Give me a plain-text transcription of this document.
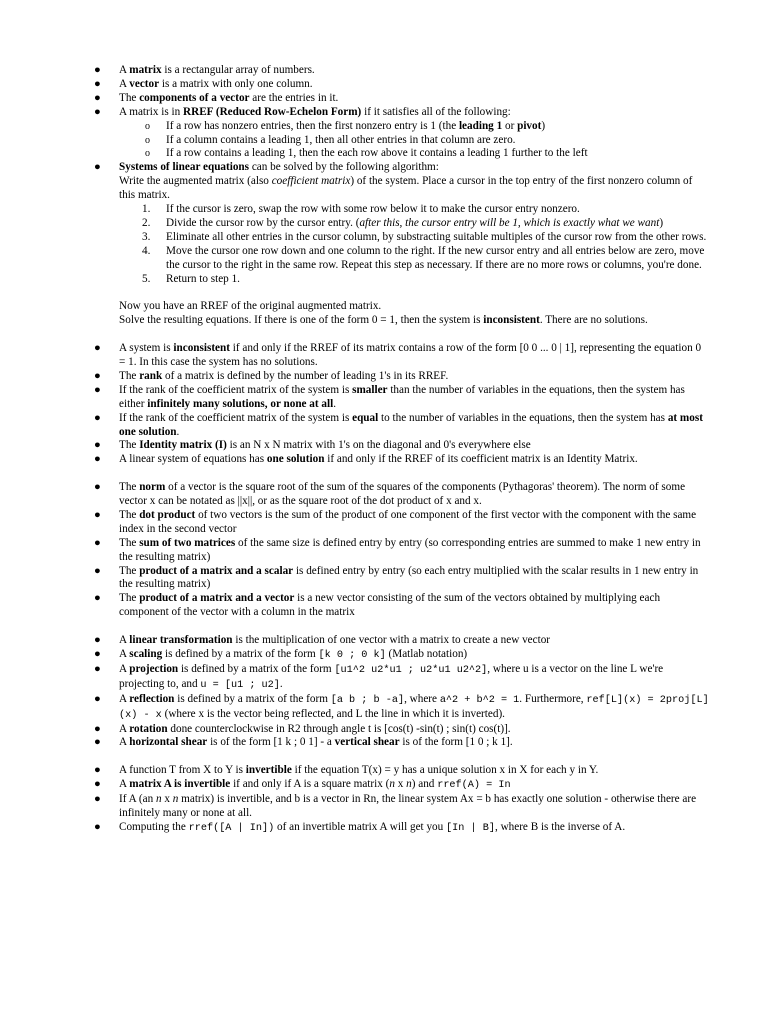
● A matrix is a rectangular array of numbers.
● A vector is a matrix with only one column.
● The components of a vector are the entries in it.
● A matrix is in RREF (Reduced Row-Echelon Form) if it satisfies all of the following:
o If a row has nonzero entries, then the first nonzero entry is 1 (the leading 1 or pivot)
o If a column contains a leading 1, then all other entries in that column are zero.
o If a row contains a leading 1, then the each row above it contains a leading 1 further to the left
● Systems of linear equations can be solved by the following algorithm:
Write the augmented matrix (also coefficient matrix) of the system. Place a cursor in the top entry of the first nonzero column of this matrix.
1. If the cursor is zero, swap the row with some row below it to make the cursor entry nonzero.
2. Divide the cursor row by the cursor entry. (after this, the cursor entry will be 1, which is exactly what we want)
3. Eliminate all other entries in the cursor column, by substracting suitable multiples of the cursor row from the other rows.
4. Move the cursor one row down and one column to the right. If the new cursor entry and all entries below are zero, move the cursor to the right in the same row. Repeat this step as necessary. If there are no more rows or columns, you're done.
5. Return to step 1.
Now you have an RREF of the original augmented matrix.
Solve the resulting equations. If there is one of the form 0 = 1, then the system is inconsistent. There are no solutions.
● A system is inconsistent if and only if the RREF of its matrix contains a row of the form [0 0 ... 0 | 1], representing the equation 0 = 1. In this case the system has no solutions.
● The rank of a matrix is defined by the number of leading 1's in its RREF.
● If the rank of the coefficient matrix of the system is smaller than the number of variables in the equations, then the system has either infinitely many solutions, or none at all.
● If the rank of the coefficient matrix of the system is equal to the number of variables in the equations, then the system has at most one solution.
● The Identity matrix (I) is an N x N matrix with 1's on the diagonal and 0's everywhere else
● A linear system of equations has one solution if and only if the RREF of its coefficient matrix is an Identity Matrix.
● The norm of a vector is the square root of the sum of the squares of the components (Pythagoras' theorem). The norm of some vector x can be notated as ||x||, or as the square root of the dot product of x and x.
● The dot product of two vectors is the sum of the product of one component of the first vector with the component with the same index in the second vector
● The sum of two matrices of the same size is defined entry by entry (so corresponding entries are summed to make 1 new entry in the resulting matrix)
● The product of a matrix and a scalar is defined entry by entry (so each entry multiplied with the scalar results in 1 new entry in the resulting matrix)
● The product of a matrix and a vector is a new vector consisting of the sum of the vectors obtained by multiplying each component of the vector with a column in the matrix
● A linear transformation is the multiplication of one vector with a matrix to create a new vector
● A scaling is defined by a matrix of the form [k 0 ; 0 k] (Matlab notation)
● A projection is defined by a matrix of the form [u1^2 u2*u1 ; u2*u1 u2^2], where u is a vector on the line L we're projecting to, and u = [u1 ; u2].
● A reflection is defined by a matrix of the form [a b ; b -a], where a^2 + b^2 = 1. Furthermore, ref[L](x) = 2proj[L](x) - x (where x is the vector being reflected, and L the line in which it is inverted).
● A rotation done counterclockwise in R2 through angle t is [cos(t) -sin(t) ; sin(t) cos(t)].
● A horizontal shear is of the form [1 k ; 0 1] - a vertical shear is of the form [1 0 ; k 1].
● A function T from X to Y is invertible if the equation T(x) = y has a unique solution x in X for each y in Y.
● A matrix A is invertible if and only if A is a square matrix (n x n) and rref(A) = In
● If A (an n x n matrix) is invertible, and b is a vector in Rn, the linear system Ax = b has exactly one solution - otherwise there are infinitely many or none at all.
● Computing the rref([A | In]) of an invertible matrix A will get you [In | B], where B is the inverse of A.
